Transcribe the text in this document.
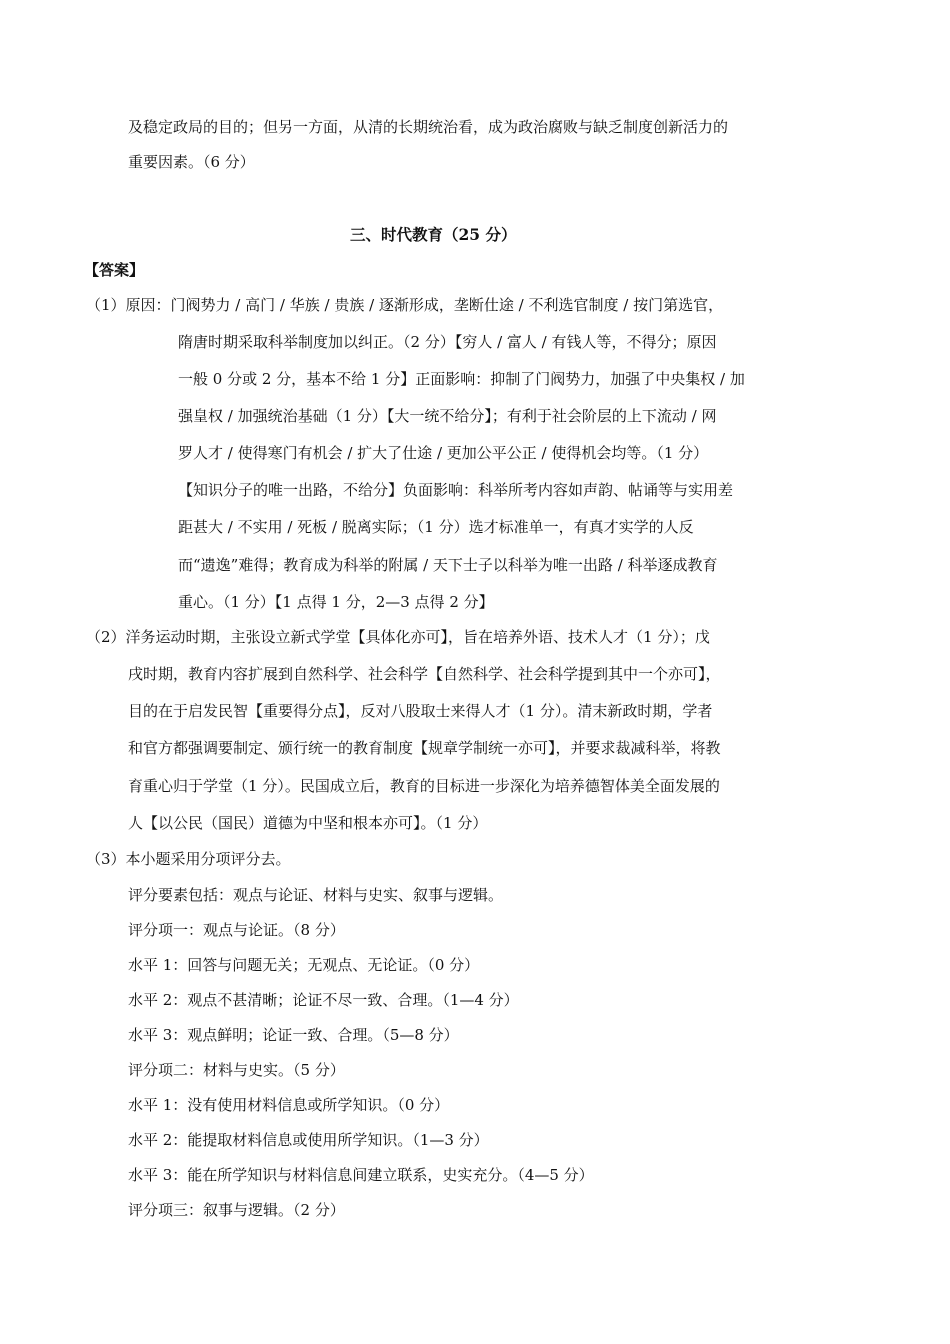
及稳定政局的目的；但另一方面，从清的长期统治看，成为政治腐败与缺乏制度创新活力的
重要因素。（6 分）
三、时代教育（25 分）
【答案】
（1）原因：门阀势力 / 高门 / 华族 / 贵族 / 逐渐形成，垄断仕途 / 不利选官制度 / 按门第选官，
隋唐时期采取科举制度加以纠正。（2 分）【穷人 / 富人 / 有钱人等，不得分；原因
一般 0 分或 2 分，基本不给 1 分】正面影响：抑制了门阀势力，加强了中央集权 / 加
强皇权 / 加强统治基础（1 分）【大一统不给分】；有利于社会阶层的上下流动 / 网
罗人才 / 使得寒门有机会 / 扩大了仕途 / 更加公平公正 / 使得机会均等。（1 分）
【知识分子的唯一出路，不给分】负面影响：科举所考内容如声韵、帖诵等与实用差
距甚大 / 不实用 / 死板 / 脱离实际；（1 分）选才标准单一，有真才实学的人反
而“遗逸”难得；教育成为科举的附属 / 天下士子以科举为唯一出路 / 科举逐成教育
重心。（1 分）【1 点得 1 分，2—3 点得 2 分】
（2）洋务运动时期，主张设立新式学堂【具体化亦可】，旨在培养外语、技术人才（1 分）；戊
戌时期，教育内容扩展到自然科学、社会科学【自然科学、社会科学提到其中一个亦可】，
目的在于启发民智【重要得分点】，反对八股取士来得人才（1 分）。清末新政时期，学者
和官方都强调要制定、颁行统一的教育制度【规章学制统一亦可】，并要求裁减科举，将教
育重心归于学堂（1 分）。民国成立后，教育的目标进一步深化为培养德智体美全面发展的
人【以公民（国民）道德为中坚和根本亦可】。（1 分）
（3）本小题采用分项评分去。
评分要素包括：观点与论证、材料与史实、叙事与逻辑。
评分项一：观点与论证。（8 分）
水平 1：回答与问题无关；无观点、无论证。（0 分）
水平 2：观点不甚清晰；论证不尽一致、合理。（1—4 分）
水平 3：观点鲜明；论证一致、合理。（5—8 分）
评分项二：材料与史实。（5 分）
水平 1：没有使用材料信息或所学知识。（0 分）
水平 2：能提取材料信息或使用所学知识。（1—3 分）
水平 3：能在所学知识与材料信息间建立联系，史实充分。（4—5 分）
评分项三：叙事与逻辑。（2 分）
